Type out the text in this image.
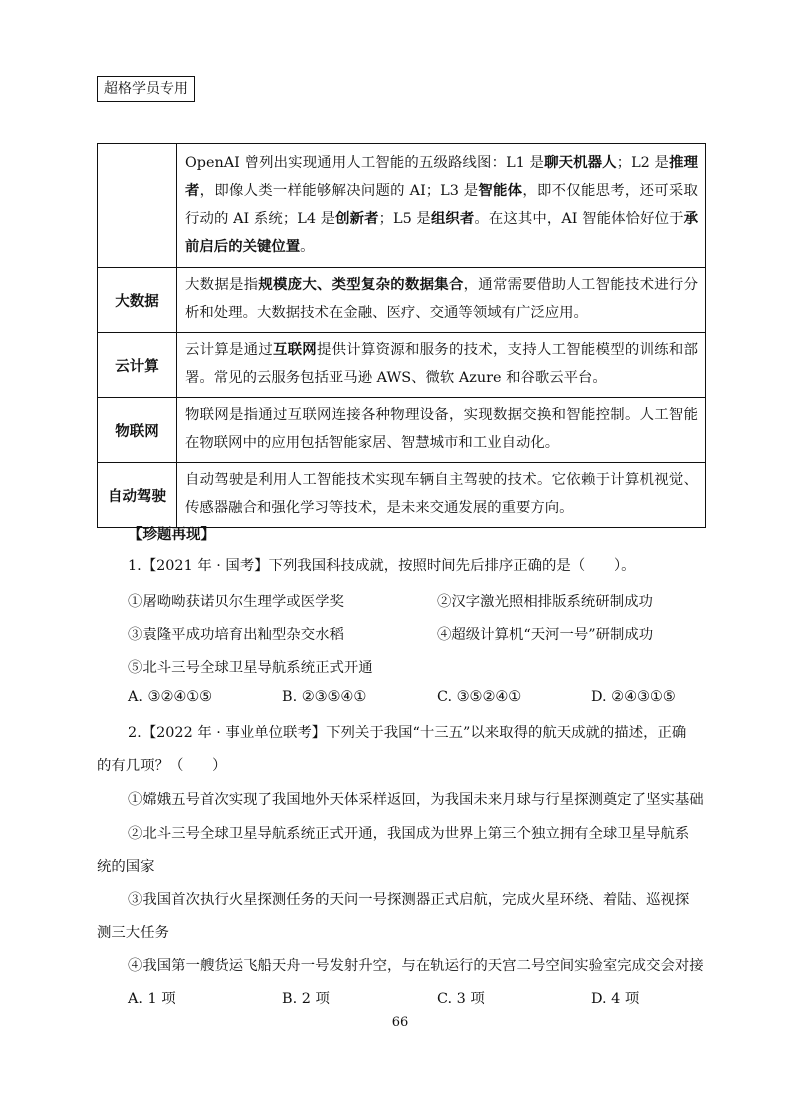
超格学员专用
	OpenAI 曾列出实现通用人工智能的五级路线图：L1 是聊天机器人；L2 是推理者，即像人类一样能够解决问题的 AI；L3 是智能体，即不仅能思考，还可采取行动的 AI 系统；L4 是创新者；L5 是组织者。在这其中，AI 智能体恰好位于承前启后的关键位置。
大数据	大数据是指规模庞大、类型复杂的数据集合，通常需要借助人工智能技术进行分析和处理。大数据技术在金融、医疗、交通等领域有广泛应用。
云计算	云计算是通过互联网提供计算资源和服务的技术，支持人工智能模型的训练和部署。常见的云服务包括亚马逊 AWS、微软 Azure 和谷歌云平台。
物联网	物联网是指通过互联网连接各种物理设备，实现数据交换和智能控制。人工智能在物联网中的应用包括智能家居、智慧城市和工业自动化。
自动驾驶	自动驾驶是利用人工智能技术实现车辆自主驾驶的技术。它依赖于计算机视觉、传感器融合和强化学习等技术，是未来交通发展的重要方向。
【珍题再现】
1.【2021 年 · 国考】下列我国科技成就，按照时间先后排序正确的是（　　）。
①屠呦呦获诺贝尔生理学或医学奖	②汉字激光照相排版系统研制成功
③袁隆平成功培育出籼型杂交水稻	④超级计算机“天河一号”研制成功
⑤北斗三号全球卫星导航系统正式开通
A. ③②④①⑤	B. ②③⑤④①	C. ③⑤②④①	D. ②④③①⑤
2.【2022 年 · 事业单位联考】下列关于我国“十三五”以来取得的航天成就的描述，正确
的有几项？（　　）
①嫦娥五号首次实现了我国地外天体采样返回，为我国未来月球与行星探测奠定了坚实基础
②北斗三号全球卫星导航系统正式开通，我国成为世界上第三个独立拥有全球卫星导航系
统的国家
③我国首次执行火星探测任务的天问一号探测器正式启航，完成火星环绕、着陆、巡视探
测三大任务
④我国第一艘货运飞船天舟一号发射升空，与在轨运行的天宫二号空间实验室完成交会对接
A. 1 项	B. 2 项	C. 3 项	D. 4 项
66
